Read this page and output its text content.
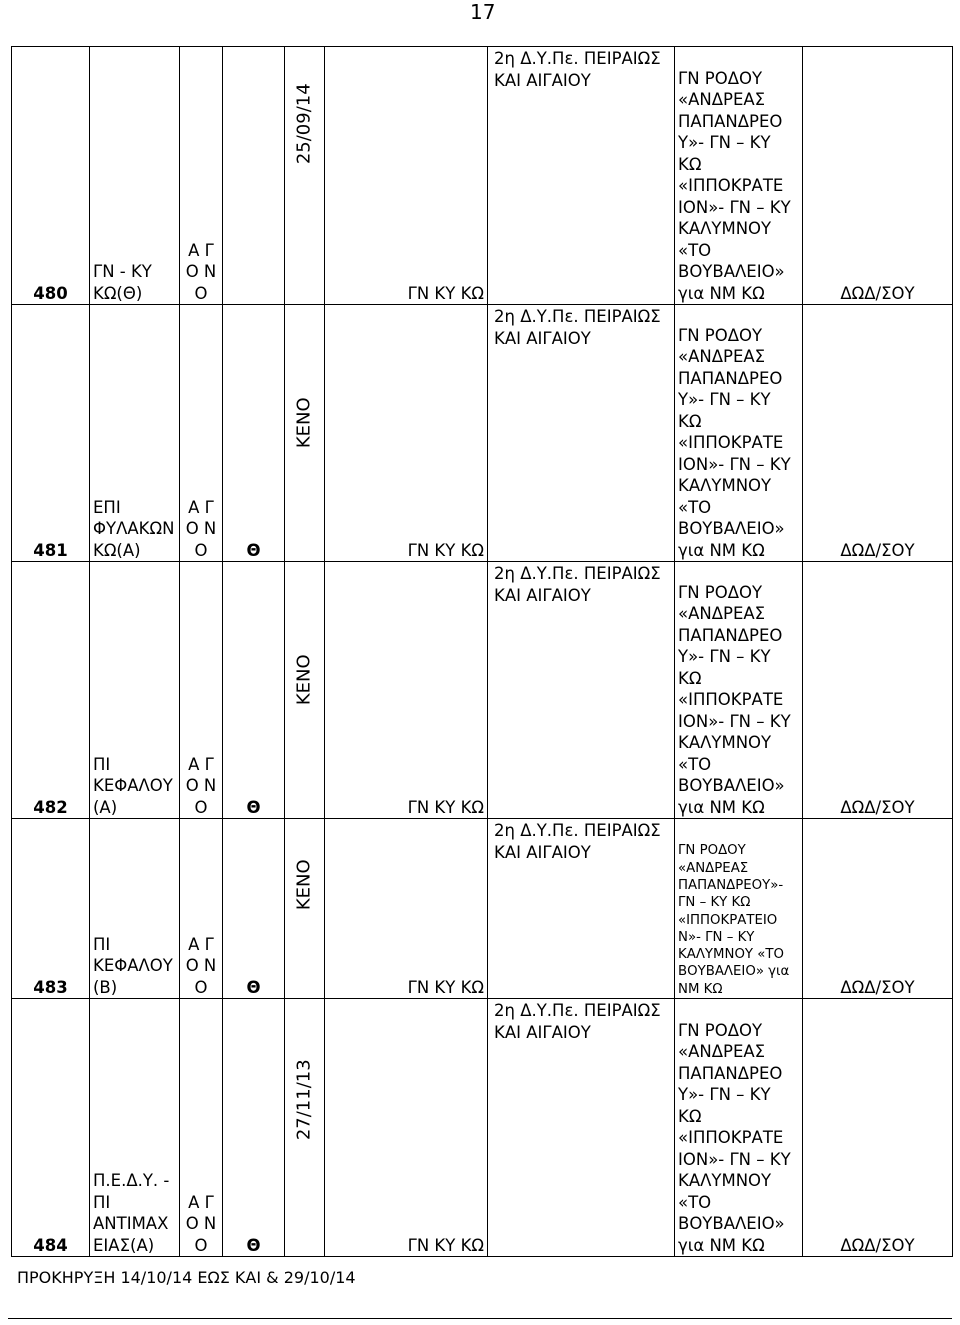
17
480	ΓΝ - ΚΥ ΚΩ(Θ)	Α Γ Ο Ν Ο		25/09/14	ΓΝ ΚΥ ΚΩ	2η Δ.Υ.Πε. ΠΕΙΡΑΙΩΣ ΚΑΙ ΑΙΓΑΙΟΥ	ΓΝ ΡΟΔΟΥ «ΑΝΔΡΕΑΣ ΠΑΠΑΝΔΡΕΟ Υ»- ΓΝ – ΚΥ ΚΩ «ΙΠΠΟΚΡΑΤΕ ΙΟΝ»- ΓΝ – ΚΥ ΚΑΛΥΜΝΟΥ «ΤΟ ΒΟΥΒΑΛΕΙΟ» για ΝΜ ΚΩ	ΔΩΔ/ΣΟΥ
481	ΕΠΙ ΦΥΛΑΚΩΝ ΚΩ(Α)	Α Γ Ο Ν Ο	Θ	ΚΕΝΟ	ΓΝ ΚΥ ΚΩ	2η Δ.Υ.Πε. ΠΕΙΡΑΙΩΣ ΚΑΙ ΑΙΓΑΙΟΥ	ΓΝ ΡΟΔΟΥ «ΑΝΔΡΕΑΣ ΠΑΠΑΝΔΡΕΟ Υ»- ΓΝ – ΚΥ ΚΩ «ΙΠΠΟΚΡΑΤΕ ΙΟΝ»- ΓΝ – ΚΥ ΚΑΛΥΜΝΟΥ «ΤΟ ΒΟΥΒΑΛΕΙΟ» για ΝΜ ΚΩ	ΔΩΔ/ΣΟΥ
482	ΠΙ ΚΕΦΑΛΟΥ (Α)	Α Γ Ο Ν Ο	Θ	ΚΕΝΟ	ΓΝ ΚΥ ΚΩ	2η Δ.Υ.Πε. ΠΕΙΡΑΙΩΣ ΚΑΙ ΑΙΓΑΙΟΥ	ΓΝ ΡΟΔΟΥ «ΑΝΔΡΕΑΣ ΠΑΠΑΝΔΡΕΟ Υ»- ΓΝ – ΚΥ ΚΩ «ΙΠΠΟΚΡΑΤΕ ΙΟΝ»- ΓΝ – ΚΥ ΚΑΛΥΜΝΟΥ «ΤΟ ΒΟΥΒΑΛΕΙΟ» για ΝΜ ΚΩ	ΔΩΔ/ΣΟΥ
483	ΠΙ ΚΕΦΑΛΟΥ (Β)	Α Γ Ο Ν Ο	Θ	ΚΕΝΟ	ΓΝ ΚΥ ΚΩ	2η Δ.Υ.Πε. ΠΕΙΡΑΙΩΣ ΚΑΙ ΑΙΓΑΙΟΥ	ΓΝ ΡΟΔΟΥ «ΑΝΔΡΕΑΣ ΠΑΠΑΝΔΡΕΟΥ»- ΓΝ – ΚΥ ΚΩ «ΙΠΠΟΚΡΑΤΕΙΟ Ν»- ΓΝ – ΚΥ ΚΑΛΥΜΝΟΥ «ΤΟ ΒΟΥΒΑΛΕΙΟ» για ΝΜ ΚΩ	ΔΩΔ/ΣΟΥ
484	Π.Ε.Δ.Υ. - ΠΙ ΑΝΤΙΜΑΧ ΕΙΑΣ(Α)	Α Γ Ο Ν Ο	Θ	27/11/13	ΓΝ ΚΥ ΚΩ	2η Δ.Υ.Πε. ΠΕΙΡΑΙΩΣ ΚΑΙ ΑΙΓΑΙΟΥ	ΓΝ ΡΟΔΟΥ «ΑΝΔΡΕΑΣ ΠΑΠΑΝΔΡΕΟ Υ»- ΓΝ – ΚΥ ΚΩ «ΙΠΠΟΚΡΑΤΕ ΙΟΝ»- ΓΝ – ΚΥ ΚΑΛΥΜΝΟΥ «ΤΟ ΒΟΥΒΑΛΕΙΟ» για ΝΜ ΚΩ	ΔΩΔ/ΣΟΥ
ΠΡΟΚΗΡΥΞΗ 14/10/14 ΕΩΣ ΚΑΙ & 29/10/14
